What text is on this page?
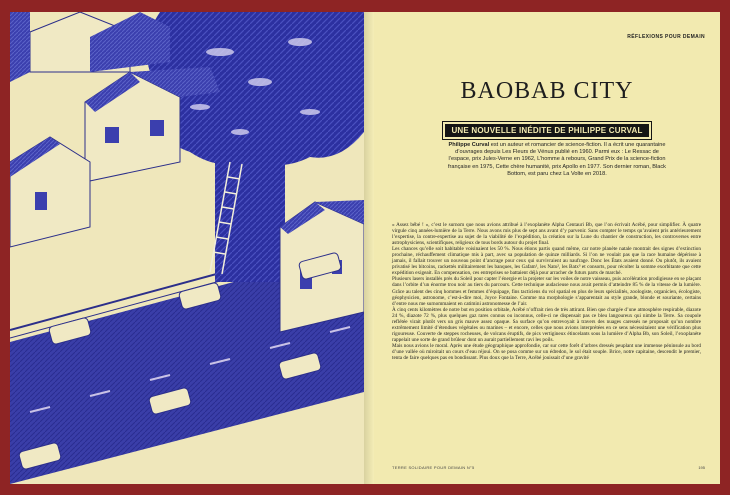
RÉFLEXIONS POUR DEMAIN
BAOBAB CITY
UNE NOUVELLE INÉDITE DE PHILIPPE CURVAL
Philippe Curval est un auteur et romancier de science-fiction. Il a écrit une quarantaine d’ouvrages depuis Les Fleurs de Vénus publié en 1960. Parmi eux : Le Ressac de l’espace, prix Jules-Verne en 1962, L’homme à rebours, Grand Prix de la science-fiction française en 1975, Cette chère humanité, prix Apollo en 1977. Son dernier roman, Black Bottom, est paru chez La Volte en 2018.

« Assez bébé ! », c’est le surnom que nous avions attribué à l’exoplanète Alpha Centauri Bb, que l’on écrivait Acébé, pour simplifier. À quatre virgule cinq années-lumière de la Terre. Nous avons mis plus de sept ans avant d’y parvenir. Sans compter le temps qu’avaient pris antérieurement l’expertise, la contre-expertise au sujet de la viabilité de l’expédition, la création sur la Lune du chantier de construction, les controverses entre astrophysiciens, scientifiques, religieux de tous bords autour du projet final.

Les chances qu’elle soit habitable voisinaient les 50 %. Nous étions partis quand même, car notre planète natale montrait des signes d’extinction prochaine, réchauffement climatique mis à part, avec sa population de quinze milliards. Si l’on ne voulait pas que la race humaine dépérisse à jamais, il fallait trouver un nouveau point d’ancrage pour ceux qui survivraient au naufrage. Donc les États avaient donné. Ou plutôt, ils avaient privatisé les bitcoins, rackettés militairement les banques, les Gafam¹, les Natu², les Batx³ et consorts, pour récolter la somme exorbitante que cette expédition exigeait. En compensation, ces entreprises se battaient déjà pour arracher de futurs parts de marché.

Plusieurs lasers installés près du Soleil pour capter l’énergie et la projeter sur les voiles de notre vaisseau, puis accélération prodigieuse en se plaçant dans l’orbite d’un énorme trou noir au tiers du parcours. Cette technique audacieuse nous avait permis d’atteindre 85 % de la vitesse de la lumière. Grâce au talent des cinq hommes et femmes d’équipage, fins tacticiens du vol spatial en plus de leurs spécialités, zoologiste, organicien, écologiste, géophysicien, astronome, c’est-à-dire moi, Joyce Fontaine. Comme ma morphologie s’apparentait au style grande, blonde et souriante, certains d’entre nous me surnommaient en catimini astronomesse de l’air.

À cinq cents kilomètres de notre but en position orbitale, Acébé n’offrait rien de très attirant. Bien que chargée d’une atmosphère respirable, diazote 24 %, diazote 72 %, plus quelques gaz rares connus ou inconnus, celle-ci ne dispensait pas ce bleu langoureux qui nimbe la Terre. Sa coupole reflétée virait plutôt vers un gris mauve assez opaque. Sa surface qu’on entrevoyait à travers des nuages caressés ne proposait qu’un nombre extrêmement limité d’étendues végétales ou marines – et encore, celles que nous avions interprétées en ce sens nécessitaient une vérification plus rigoureuse. Couverte de steppes rocheuses, de volcans éruptifs, de pics vertigineux étincelants sous la lumière d’Alpha Bb, son Soleil, l’exoplanète rappelait une sorte de grand brûleur dont un aurait partiellement ravi les poils.

Mais nous avions le moral. Après une étude géographique approfondie, car sur cette forêt d’arbres dressés peuplant une immense péninsule au bord d’une vallée où miroitait un cours d’eau réjoui. On se posa comme sur un édredon, le sol était souple. Brice, notre capitaine, descendit le premier, tenta de faire quelques pas en bondissant. Plus doux que la Terre, Acébé jouissait d’une gravité

TERRE SOLIDAIRE POUR DEMAIN N°5	195
